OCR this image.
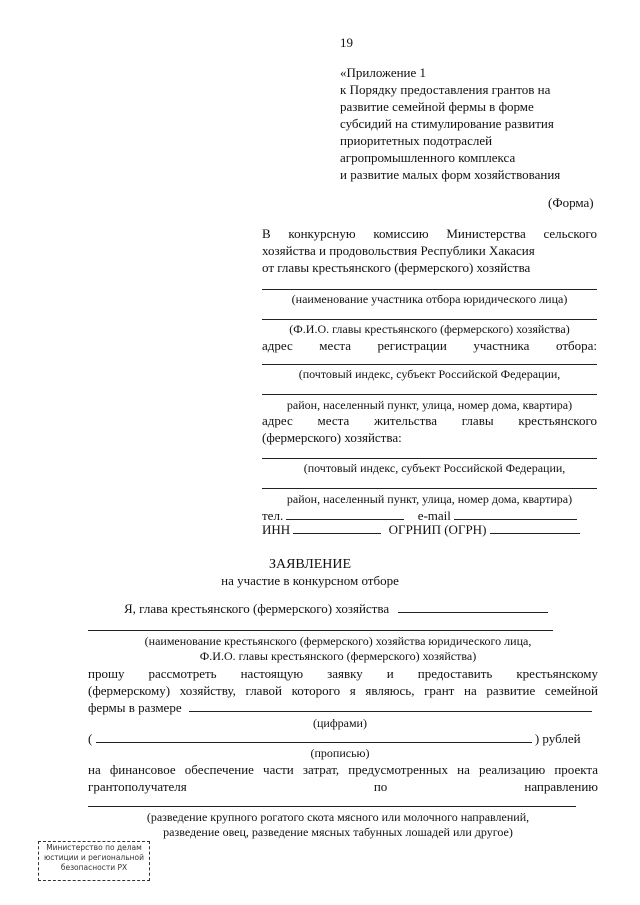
19
«Приложение 1
к Порядку предоставления грантов на
развитие семейной фермы в форме
субсидий на стимулирование развития
приоритетных подотраслей
агропромышленного комплекса
и развитие малых форм хозяйствования
(Форма)
В конкурсную комиссию Министерства сельского
хозяйства и продовольствия Республики Хакасия
от главы крестьянского (фермерского) хозяйства
(наименование участника отбора юридического лица)
(Ф.И.О. главы крестьянского (фермерского) хозяйства)
адрес места регистрации участника отбора:
(почтовый индекс, субъект Российской Федерации,
район, населенный пункт, улица, номер дома, квартира)
адрес места жительства главы крестьянского
(фермерского) хозяйства:
(почтовый индекс, субъект Российской Федерации,
район, населенный пункт, улица, номер дома, квартира)
тел.	e-mail
ИНН	ОГРНИП (ОГРН)
ЗАЯВЛЕНИЕ
на участие в конкурсном отборе
Я, глава крестьянского (фермерского) хозяйства
(наименование крестьянского (фермерского) хозяйства юридического лица,
Ф.И.О. главы крестьянского (фермерского) хозяйства)
прошу рассмотреть настоящую заявку и предоставить крестьянскому
(фермерскому) хозяйству, главой которого я являюсь, грант на развитие семейной
фермы в размере
(цифрами)
(	) рублей
(прописью)
на финансовое обеспечение части затрат, предусмотренных на реализацию проекта
грантополучателя	по	направлению
(разведение крупного рогатого скота мясного или молочного направлений,
разведение овец, разведение мясных табунных лошадей или другое)
Министерство по делам
юстиции и региональной
безопасности РХ
